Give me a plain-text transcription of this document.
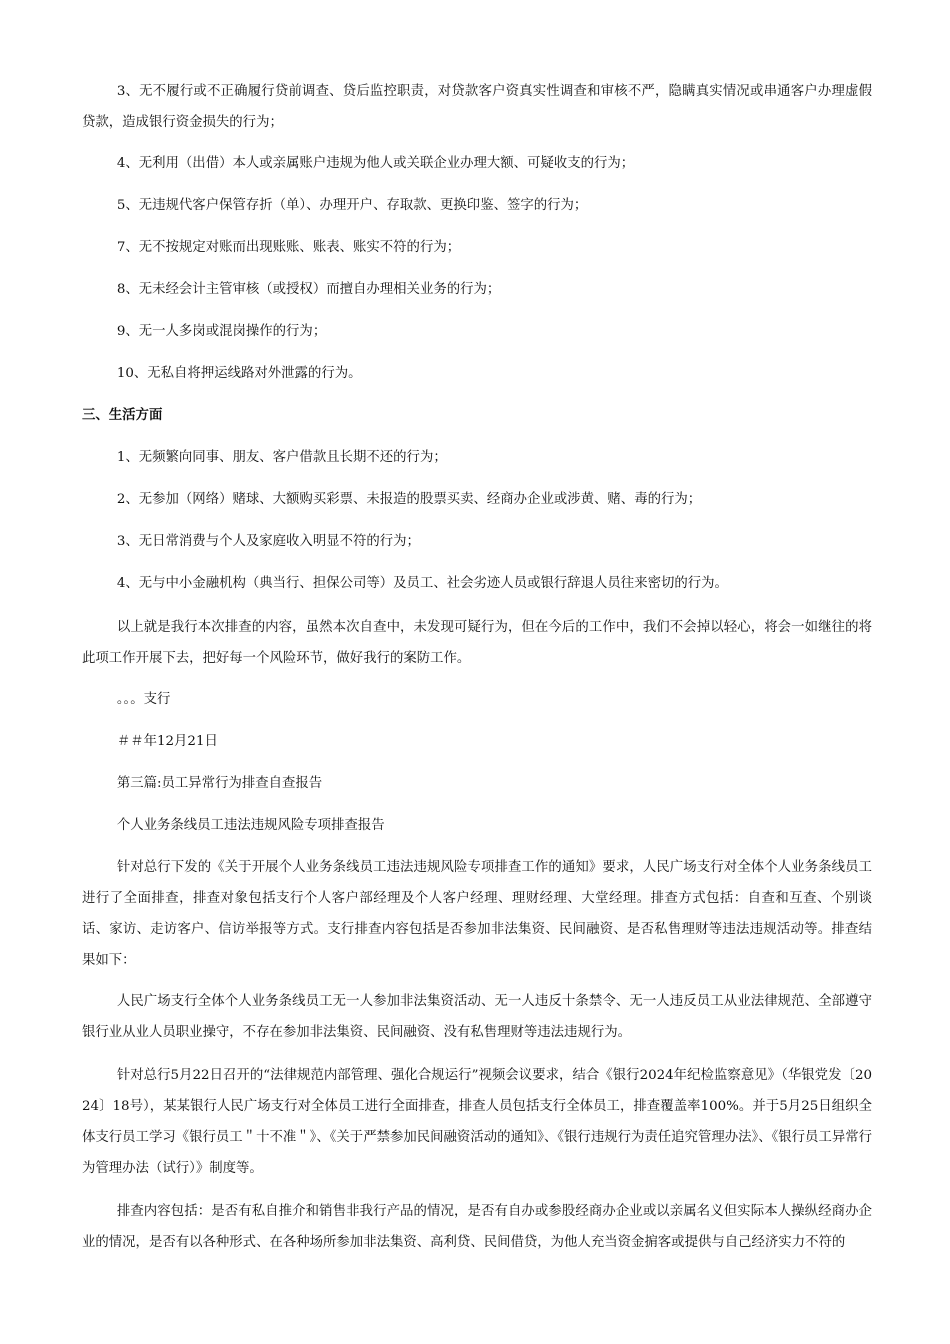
3、无不履行或不正确履行贷前调查、贷后监控职责，对贷款客户资真实性调查和审核不严，隐瞒真实情况或串通客户办理虚假贷款，造成银行资金损失的行为；

4、无利用（出借）本人或亲属账户违规为他人或关联企业办理大额、可疑收支的行为；

5、无违规代客户保管存折（单）、办理开户、存取款、更换印鉴、签字的行为；

7、无不按规定对账而出现账账、账表、账实不符的行为；

8、无未经会计主管审核（或授权）而擅自办理相关业务的行为；

9、无一人多岗或混岗操作的行为；

10、无私自将押运线路对外泄露的行为。

三、生活方面

1、无频繁向同事、朋友、客户借款且长期不还的行为；

2、无参加（网络）赌球、大额购买彩票、未报造的股票买卖、经商办企业或涉黄、赌、毒的行为；

3、无日常消费与个人及家庭收入明显不符的行为；

4、无与中小金融机构（典当行、担保公司等）及员工、社会劣迹人员或银行辞退人员往来密切的行为。

以上就是我行本次排查的内容，虽然本次自查中，未发现可疑行为，但在今后的工作中，我们不会掉以轻心，将会一如继往的将此项工作开展下去，把好每一个风险环节，做好我行的案防工作。

。。。支行

＃＃年12月21日

第三篇:员工异常行为排查自查报告

个人业务条线员工违法违规风险专项排查报告

针对总行下发的《关于开展个人业务条线员工违法违规风险专项排查工作的通知》要求，人民广场支行对全体个人业务条线员工进行了全面排查，排查对象包括支行个人客户部经理及个人客户经理、理财经理、大堂经理。排查方式包括：自查和互查、个别谈话、家访、走访客户、信访举报等方式。支行排查内容包括是否参加非法集资、民间融资、是否私售理财等违法违规活动等。排查结果如下：

人民广场支行全体个人业务条线员工无一人参加非法集资活动、无一人违反十条禁令、无一人违反员工从业法律规范、全部遵守银行业从业人员职业操守，不存在参加非法集资、民间融资、没有私售理财等违法违规行为。

针对总行5月22日召开的“法律规范内部管理、强化合规运行”视频会议要求，结合《银行2024年纪检监察意见》（华银党发〔2024〕18号），某某银行人民广场支行对全体员工进行全面排查，排查人员包括支行全体员工，排查覆盖率100%。并于5月25日组织全体支行员工学习《银行员工＂十不准＂》、《关于严禁参加民间融资活动的通知》、《银行违规行为责任追究管理办法》、《银行员工异常行为管理办法（试行）》制度等。

排查内容包括：是否有私自推介和销售非我行产品的情况，是否有自办或参股经商办企业或以亲属名义但实际本人操纵经商办企业的情况，是否有以各种形式、在各种场所参加非法集资、高利贷、民间借贷，为他人充当资金掮客或提供与自己经济实力不符的
